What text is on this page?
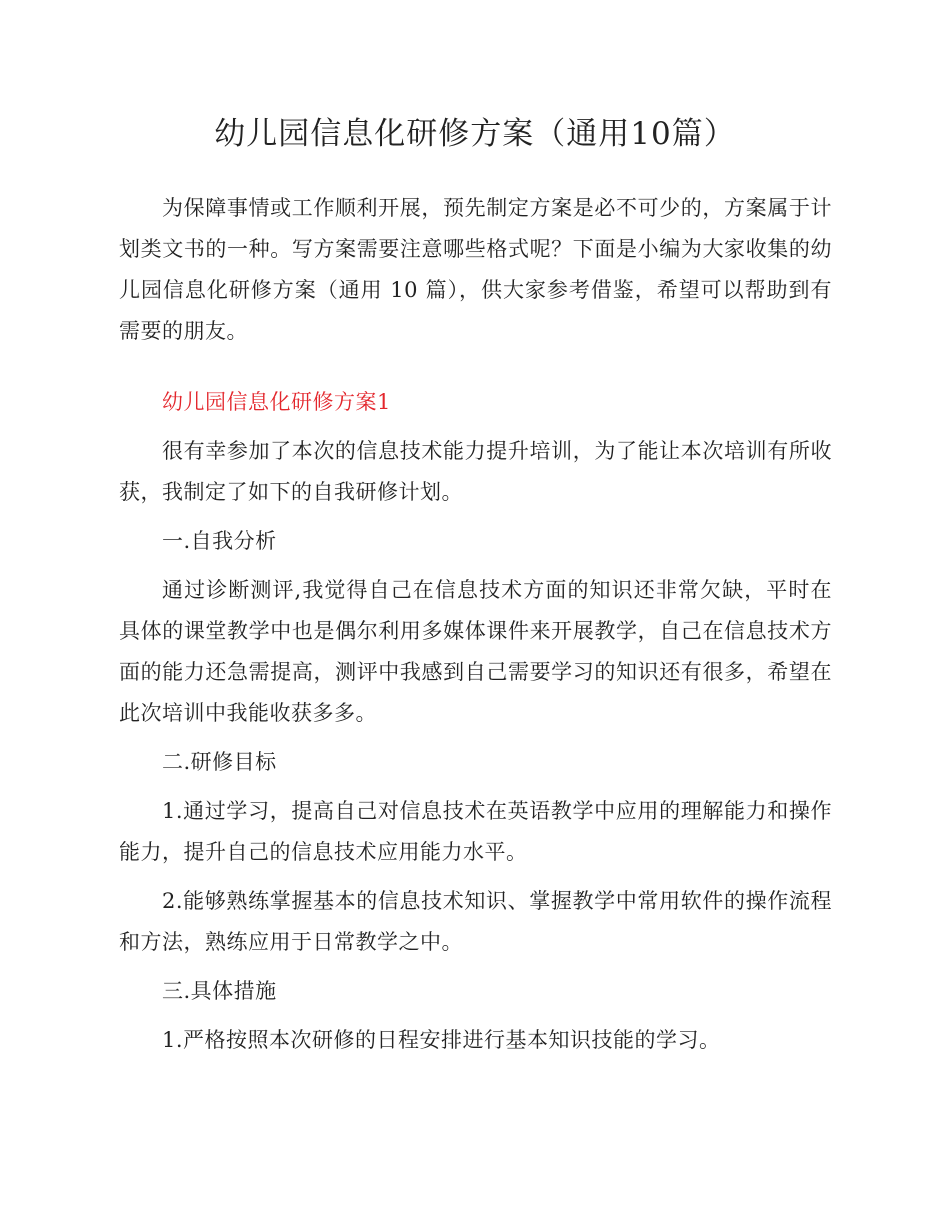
幼儿园信息化研修方案（通用10篇）

为保障事情或工作顺利开展，预先制定方案是必不可少的，方案属于计划类文书的一种。写方案需要注意哪些格式呢？下面是小编为大家收集的幼儿园信息化研修方案（通用 10 篇），供大家参考借鉴，希望可以帮助到有需要的朋友。

幼儿园信息化研修方案1

很有幸参加了本次的信息技术能力提升培训，为了能让本次培训有所收获，我制定了如下的自我研修计划。

一.自我分析

通过诊断测评,我觉得自己在信息技术方面的知识还非常欠缺，平时在具体的课堂教学中也是偶尔利用多媒体课件来开展教学，自己在信息技术方面的能力还急需提高，测评中我感到自己需要学习的知识还有很多，希望在此次培训中我能收获多多。

二.研修目标

1.通过学习，提高自己对信息技术在英语教学中应用的理解能力和操作能力，提升自己的信息技术应用能力水平。

2.能够熟练掌握基本的信息技术知识、掌握教学中常用软件的操作流程和方法，熟练应用于日常教学之中。

三.具体措施

1.严格按照本次研修的日程安排进行基本知识技能的学习。
